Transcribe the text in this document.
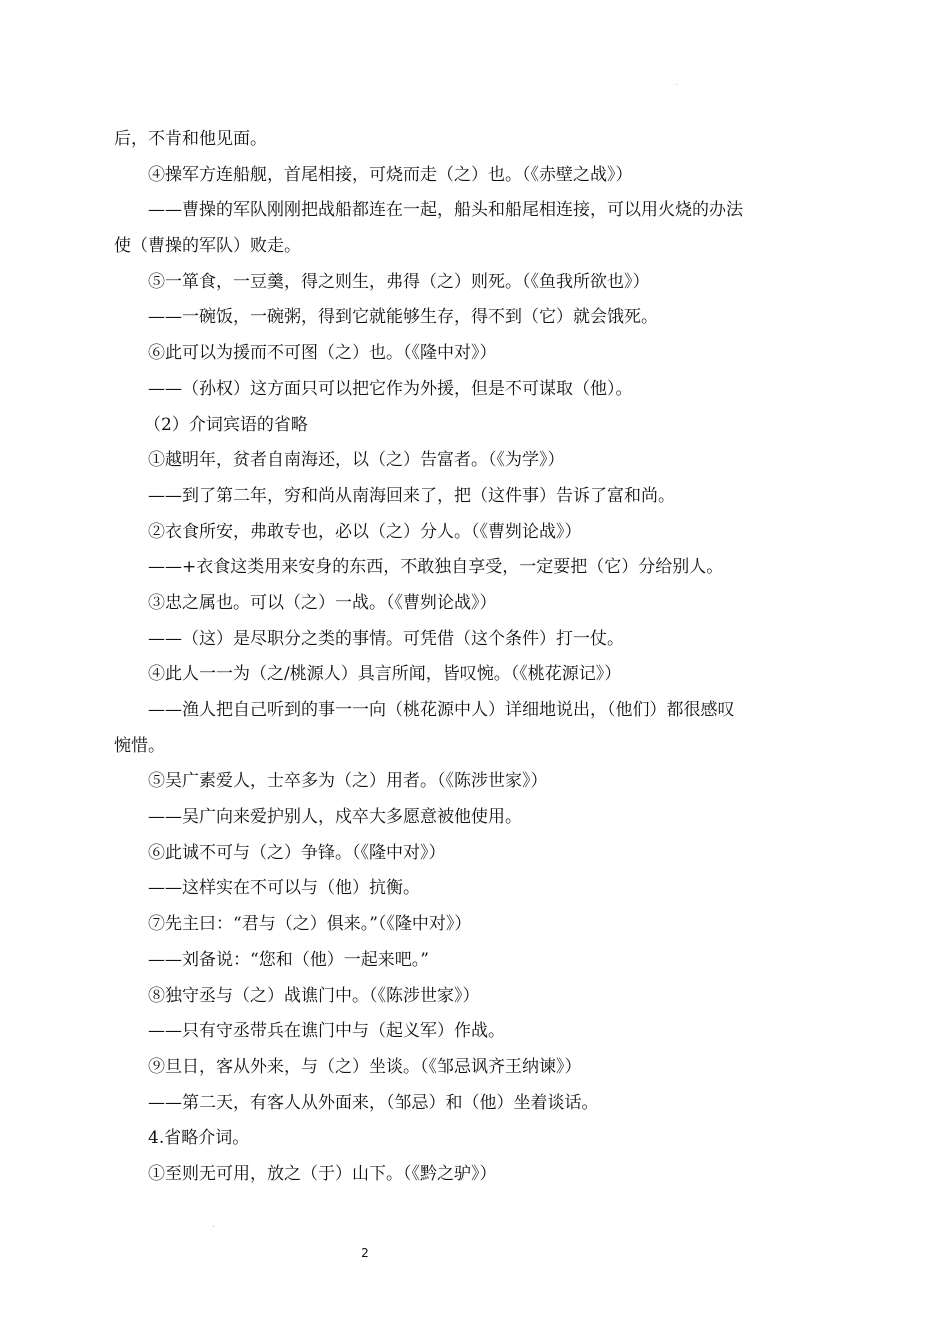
后，不肯和他见面。
④操军方连船舰，首尾相接，可烧而走（之）也。（《赤壁之战》）
——曹操的军队刚刚把战船都连在一起，船头和船尾相连接，可以用火烧的办法
使（曹操的军队）败走。
⑤一箪食，一豆羹，得之则生，弗得（之）则死。（《鱼我所欲也》）
——一碗饭，一碗粥，得到它就能够生存，得不到（它）就会饿死。
⑥此可以为援而不可图（之）也。（《隆中对》）
——（孙权）这方面只可以把它作为外援，但是不可谋取（他）。
（2）介词宾语的省略
①越明年，贫者自南海还，以（之）告富者。（《为学》）
——到了第二年，穷和尚从南海回来了，把（这件事）告诉了富和尚。
②衣食所安，弗敢专也，必以（之）分人。（《曹刿论战》）
——+衣食这类用来安身的东西，不敢独自享受，一定要把（它）分给别人。
③忠之属也。可以（之）一战。（《曹刿论战》）
——（这）是尽职分之类的事情。可凭借（这个条件）打一仗。
④此人一一为（之/桃源人）具言所闻，皆叹惋。（《桃花源记》）
——渔人把自己听到的事一一向（桃花源中人）详细地说出，（他们）都很感叹
惋惜。
⑤吴广素爱人，士卒多为（之）用者。（《陈涉世家》）
——吴广向来爱护别人，戍卒大多愿意被他使用。
⑥此诚不可与（之）争锋。（《隆中对》）
——这样实在不可以与（他）抗衡。
⑦先主曰：“君与（之）俱来。”（《隆中对》）
——刘备说：“您和（他）一起来吧。”
⑧独守丞与（之）战谯门中。（《陈涉世家》）
——只有守丞带兵在谯门中与（起义军）作战。
⑨旦日，客从外来，与（之）坐谈。（《邹忌讽齐王纳谏》）
——第二天，有客人从外面来，（邹忌）和（他）坐着谈话。
4.省略介词。
①至则无可用，放之（于）山下。（《黔之驴》）
2
